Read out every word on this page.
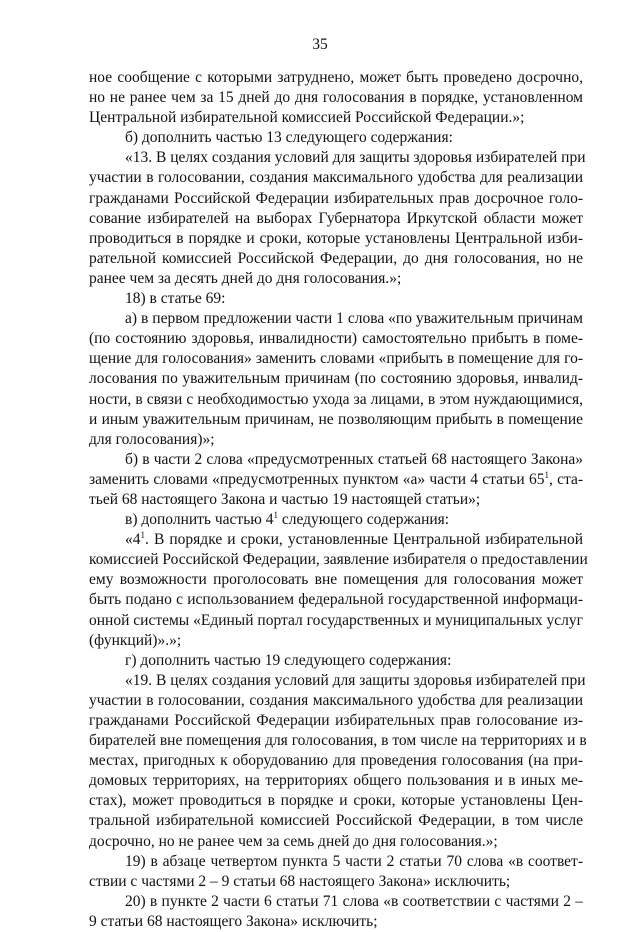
35
ное сообщение с которыми затруднено, может быть проведено досрочно,
но не ранее чем за 15 дней до дня голосования в порядке, установленном
Центральной избирательной комиссией Российской Федерации.»;
б) дополнить частью 13 следующего содержания:
«13. В целях создания условий для защиты здоровья избирателей при
участии в голосовании, создания максимального удобства для реализации
гражданами Российской Федерации избирательных прав досрочное голо-
сование избирателей на выборах Губернатора Иркутской области может
проводиться в порядке и сроки, которые установлены Центральной изби-
рательной комиссией Российской Федерации, до дня голосования, но не
ранее чем за десять дней до дня голосования.»;
18) в статье 69:
а) в первом предложении части 1 слова «по уважительным причинам
(по состоянию здоровья, инвалидности) самостоятельно прибыть в поме-
щение для голосования» заменить словами «прибыть в помещение для го-
лосования по уважительным причинам (по состоянию здоровья, инвалид-
ности, в связи с необходимостью ухода за лицами, в этом нуждающимися,
и иным уважительным причинам, не позволяющим прибыть в помещение
для голосования)»;
б) в части 2 слова «предусмотренных статьей 68 настоящего Закона»
заменить словами «предусмотренных пунктом «а» части 4 статьи $65^1$, ста-
тьей 68 настоящего Закона и частью 19 настоящей статьи»;
в) дополнить частью $4^1$ следующего содержания:
«$4^1$. В порядке и сроки, установленные Центральной избирательной
комиссией Российской Федерации, заявление избирателя о предоставлении
ему возможности проголосовать вне помещения для голосования может
быть подано с использованием федеральной государственной информаци-
онной системы «Единый портал государственных и муниципальных услуг
(функций)».»;
г) дополнить частью 19 следующего содержания:
«19. В целях создания условий для защиты здоровья избирателей при
участии в голосовании, создания максимального удобства для реализации
гражданами Российской Федерации избирательных прав голосование из-
бирателей вне помещения для голосования, в том числе на территориях и в
местах, пригодных к оборудованию для проведения голосования (на при-
домовых территориях, на территориях общего пользования и в иных ме-
стах), может проводиться в порядке и сроки, которые установлены Цен-
тральной избирательной комиссией Российской Федерации, в том числе
досрочно, но не ранее чем за семь дней до дня голосования.»;
19) в абзаце четвертом пункта 5 части 2 статьи 70 слова «в соответ-
ствии с частями 2 – 9 статьи 68 настоящего Закона» исключить;
20) в пункте 2 части 6 статьи 71 слова «в соответствии с частями 2 –
9 статьи 68 настоящего Закона» исключить;
